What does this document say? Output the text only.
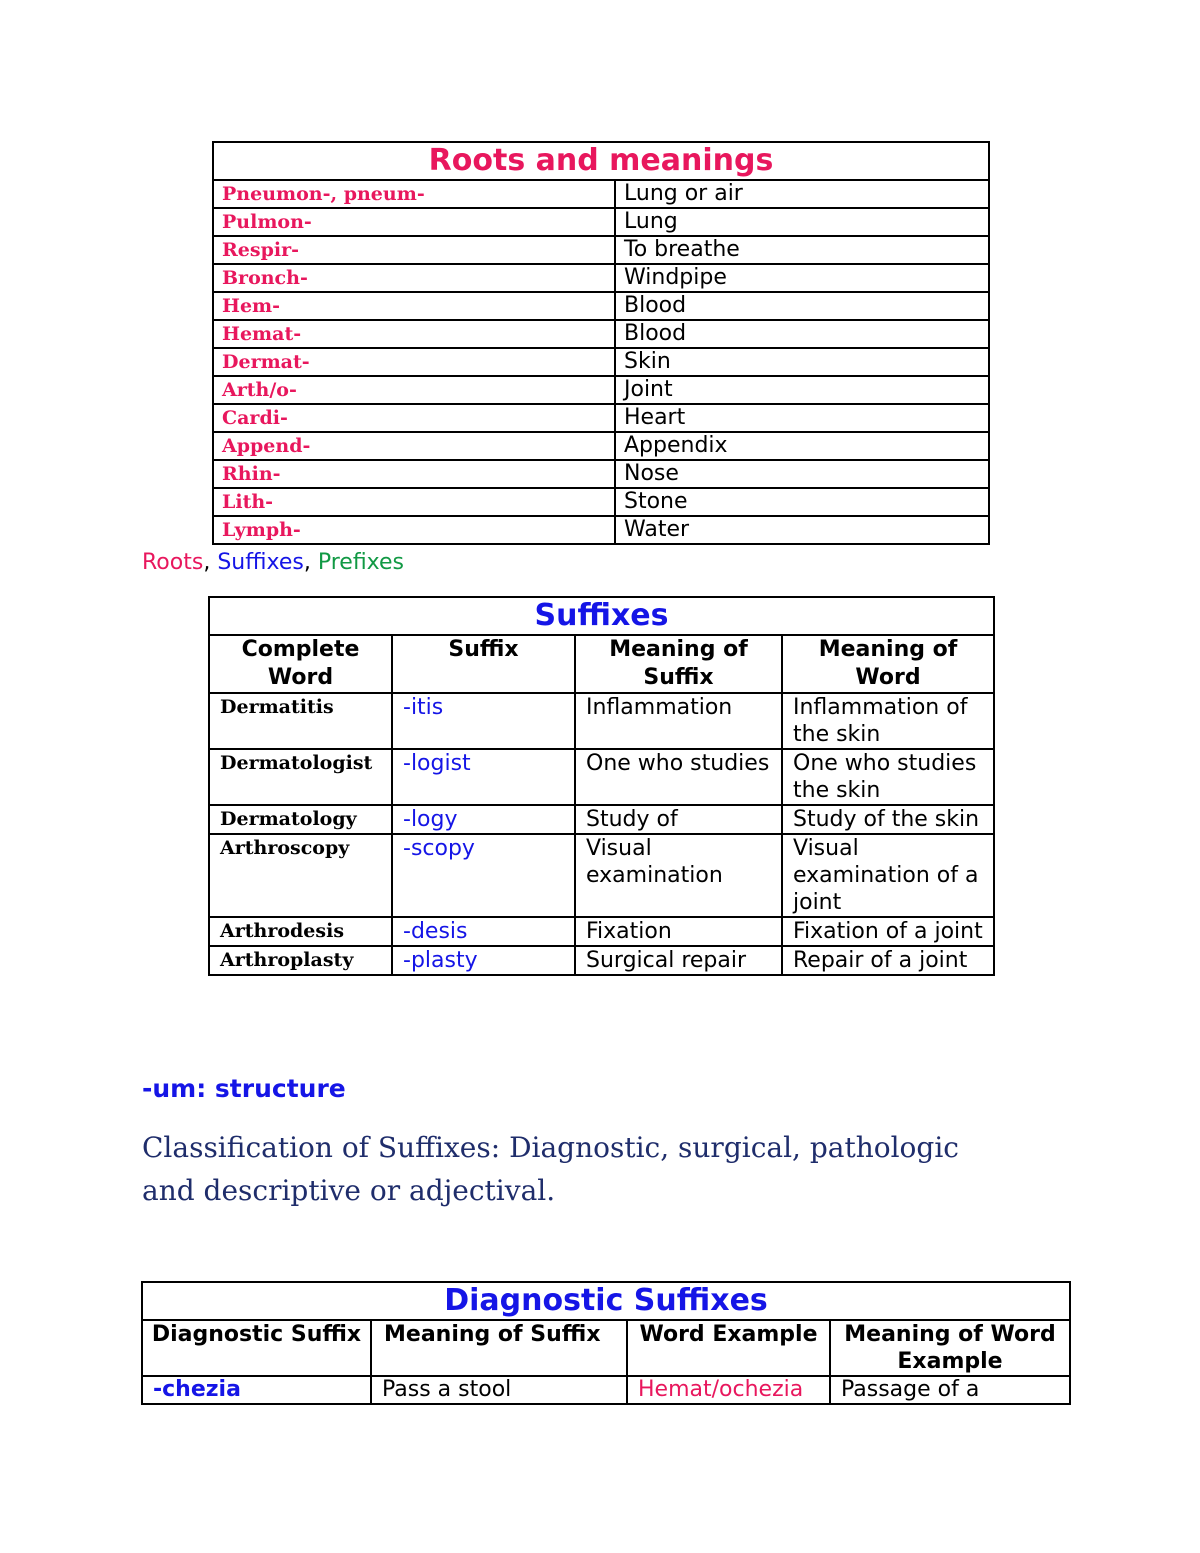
Roots and meanings	
Pneumon-, pneum-	Lung or air
Pulmon-	Lung
Respir-	To breathe
Bronch-	Windpipe
Hem-	Blood
Hemat-	Blood
Dermat-	Skin
Arth/o-	Joint
Cardi-	Heart
Append-	Appendix
Rhin-	Nose
Lith-	Stone
Lymph-	Water
Roots, Suffixes, Prefixes
Suffixes			
Complete Word	Suffix	Meaning of Suffix	Meaning of Word
Dermatitis	-itis	Inflammation	Inflammation of the skin
Dermatologist	-logist	One who studies	One who studies the skin
Dermatology	-logy	Study of	Study of the skin
Arthroscopy	-scopy	Visual examination	Visual examination of a joint
Arthrodesis	-desis	Fixation	Fixation of a joint
Arthroplasty	-plasty	Surgical repair	Repair of a joint
-um: structure
Classification of Suffixes: Diagnostic, surgical, pathologic and descriptive or adjectival.
Diagnostic Suffixes			
Diagnostic Suffix	Meaning of Suffix	Word Example	Meaning of Word Example
-chezia	Pass a stool	Hemat/ochezia	Passage of a
